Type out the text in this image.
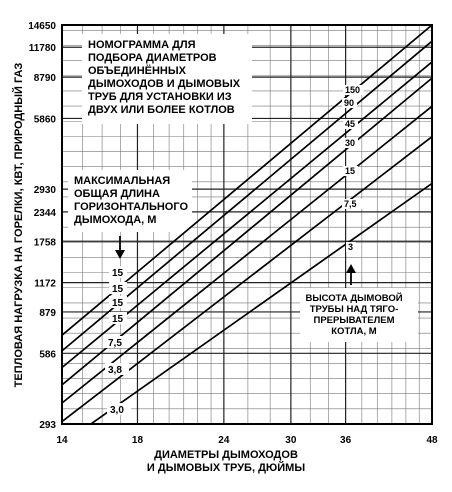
293
586
879
1172
1758
2344
2930
5860
8790
11780
14650
14	18	24	30	36	48
ДИАМЕТРЫ ДЫМОХОДОВ
И ДЫМОВЫХ ТРУБ, ДЮЙМЫ
ТЕПЛОВАЯ НАГРУЗКА НА ГОРЕЛКИ, КВТ, ПРИРОДНЫЙ ГАЗ
НОМОГРАММА ДЛЯ
ПОДБОРА ДИАМЕТРОВ
ОБЪЕДИНЁННЫХ
ДЫМОХОДОВ И ДЫМОВЫХ
ТРУБ ДЛЯ УСТАНОВКИ ИЗ
ДВУХ ИЛИ БОЛЕЕ КОТЛОВ
МАКСИМАЛЬНАЯ
ОБЩАЯ ДЛИНА
ГОРИЗОНТАЛЬНОГО
ДЫМОХОДА, М
15
15
15
15
7,5
3,8
3,0
150
90
45
30
15
7,5
3
ВЫСОТА ДЫМОВОЙ
ТРУБЫ НАД ТЯГО-
ПРЕРЫВАТЕЛЕМ
КОТЛА, М
